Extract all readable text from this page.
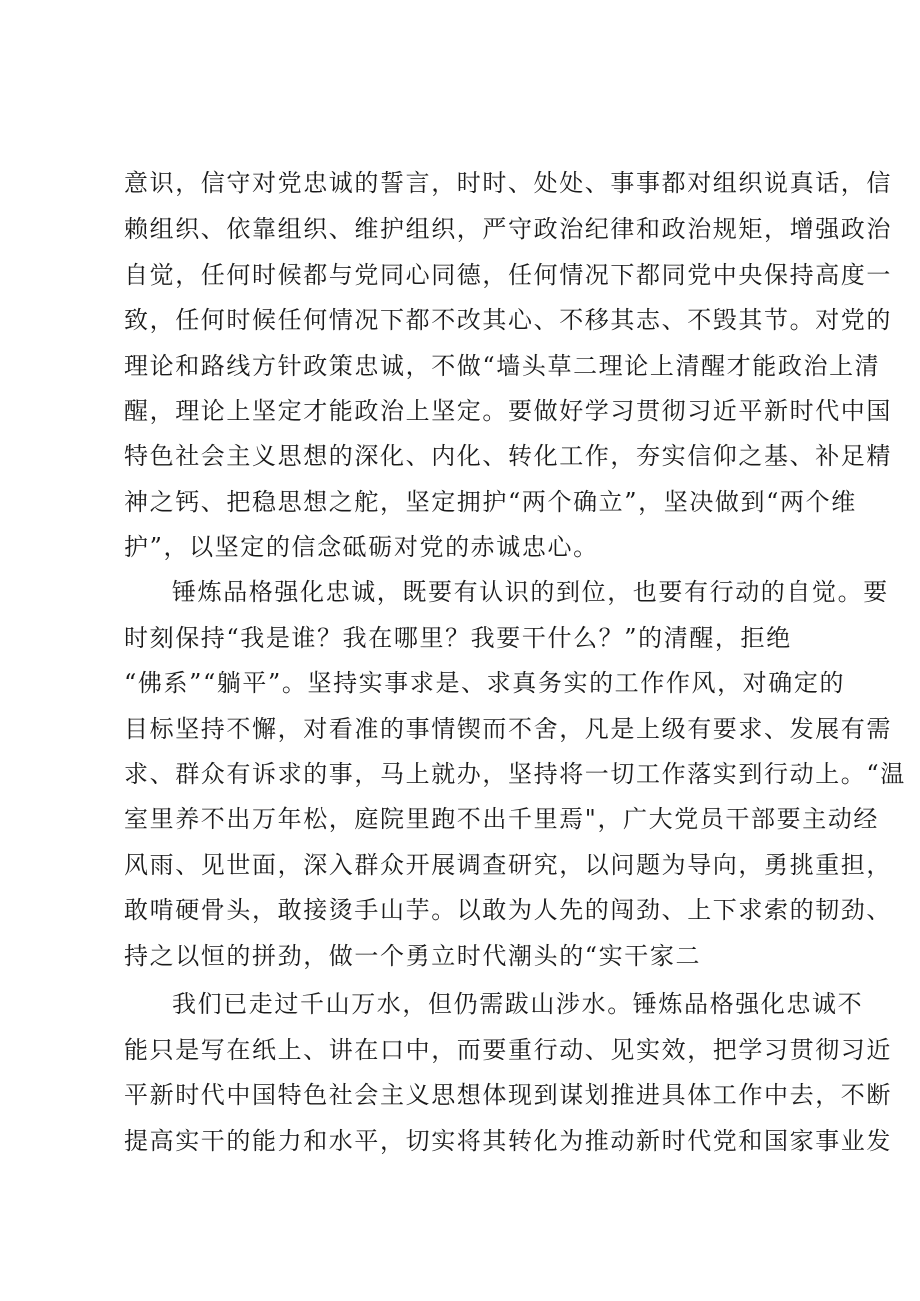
意识，信守对党忠诚的誓言，时时、处处、事事都对组织说真话，信
赖组织、依靠组织、维护组织，严守政治纪律和政治规矩，增强政治
自觉，任何时候都与党同心同德，任何情况下都同党中央保持高度一
致，任何时候任何情况下都不改其心、不移其志、不毁其节。对党的
理论和路线方针政策忠诚，不做“墙头草二理论上清醒才能政治上清
醒，理论上坚定才能政治上坚定。要做好学习贯彻习近平新时代中国
特色社会主义思想的深化、内化、转化工作，夯实信仰之基、补足精
神之钙、把稳思想之舵，坚定拥护“两个确立”，坚决做到“两个维
护”，以坚定的信念砥砺对党的赤诚忠心。
锤炼品格强化忠诚，既要有认识的到位，也要有行动的自觉。要
时刻保持“我是谁？我在哪里？我要干什么？”的清醒，拒绝
“佛系”“躺平”。坚持实事求是、求真务实的工作作风，对确定的
目标坚持不懈，对看准的事情锲而不舍，凡是上级有要求、发展有需
求、群众有诉求的事，马上就办，坚持将一切工作落实到行动上。“温
室里养不出万年松，庭院里跑不出千里焉"，广大党员干部要主动经
风雨、见世面，深入群众开展调查研究，以问题为导向，勇挑重担，
敢啃硬骨头，敢接烫手山芋。以敢为人先的闯劲、上下求索的韧劲、
持之以恒的拼劲，做一个勇立时代潮头的“实干家二
我们已走过千山万水，但仍需跋山涉水。锤炼品格强化忠诚不
能只是写在纸上、讲在口中，而要重行动、见实效，把学习贯彻习近
平新时代中国特色社会主义思想体现到谋划推进具体工作中去，不断
提高实干的能力和水平，切实将其转化为推动新时代党和国家事业发
